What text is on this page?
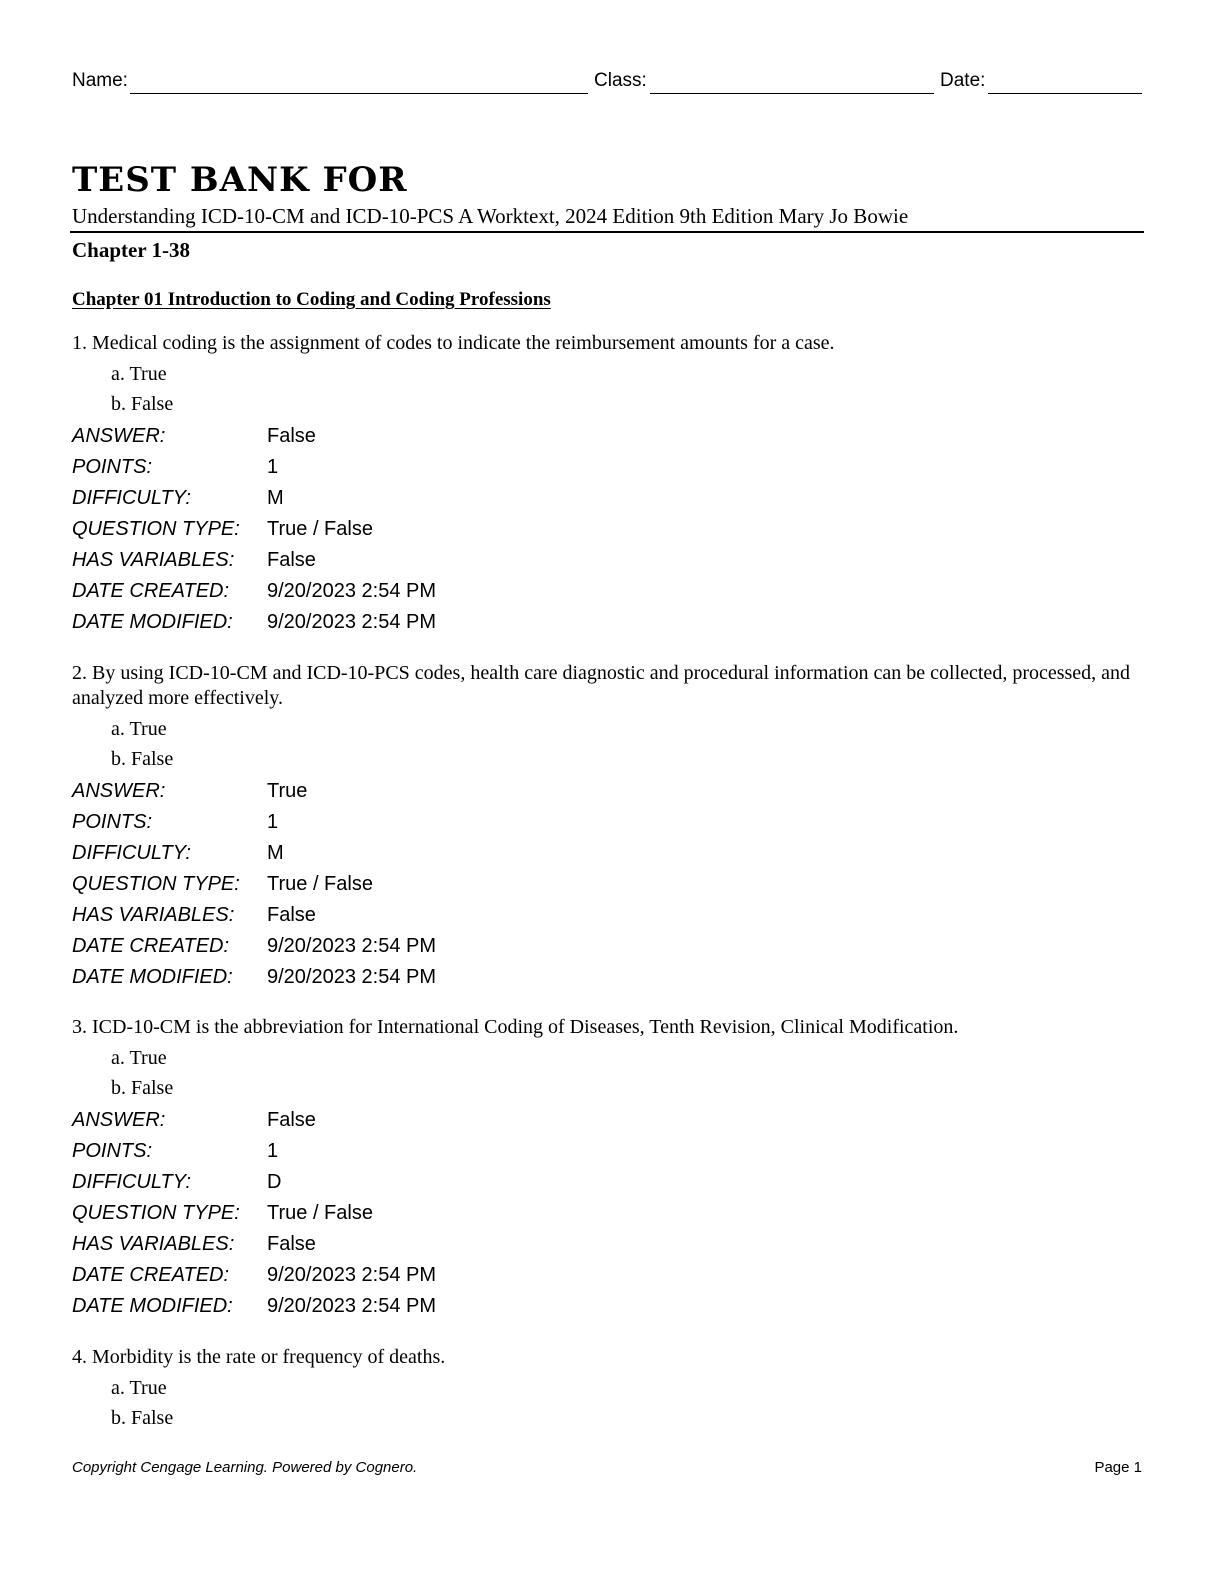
Name:	Class:	Date:
TEST BANK FOR
Understanding ICD-10-CM and ICD-10-PCS A Worktext, 2024 Edition 9th Edition Mary Jo Bowie
Chapter 1-38
Chapter 01 Introduction to Coding and Coding Professions
1. Medical coding is the assignment of codes to indicate the reimbursement amounts for a case.
a. True
b. False
ANSWER:	False
POINTS:	1
DIFFICULTY:	M
QUESTION TYPE:	True / False
HAS VARIABLES:	False
DATE CREATED:	9/20/2023 2:54 PM
DATE MODIFIED:	9/20/2023 2:54 PM
2. By using ICD-10-CM and ICD-10-PCS codes, health care diagnostic and procedural information can be collected, processed, and analyzed more effectively.
a. True
b. False
ANSWER:	True
POINTS:	1
DIFFICULTY:	M
QUESTION TYPE:	True / False
HAS VARIABLES:	False
DATE CREATED:	9/20/2023 2:54 PM
DATE MODIFIED:	9/20/2023 2:54 PM
3. ICD-10-CM is the abbreviation for International Coding of Diseases, Tenth Revision, Clinical Modification.
a. True
b. False
ANSWER:	False
POINTS:	1
DIFFICULTY:	D
QUESTION TYPE:	True / False
HAS VARIABLES:	False
DATE CREATED:	9/20/2023 2:54 PM
DATE MODIFIED:	9/20/2023 2:54 PM
4. Morbidity is the rate or frequency of deaths.
a. True
b. False
Copyright Cengage Learning. Powered by Cognero.	Page 1
